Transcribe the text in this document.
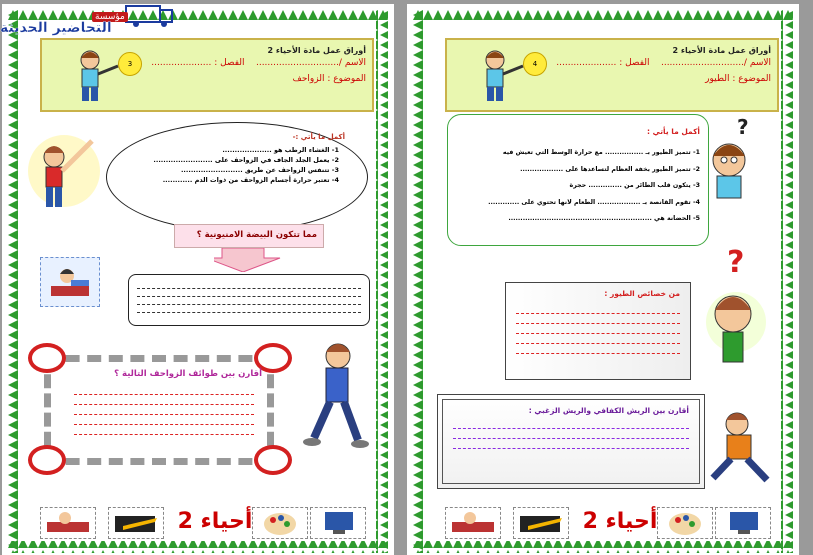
أوراق عمل مادة الأحياء 2
الاسم /.............................    الفصل : .....................
الموضوع : الزواحف
3
أكمل ما يأتي :-
1- الغشاء الرطب هو ....................
2- يعمل الجلد الجاف في الزواحف على ........................
3- تتنفس الزواحف عن طريق .........................
4- تعتبر حرارة أجسام الزواحف من ذوات الدم ............
مما تتكون البيضة الامنيونية ؟
أقارن بين طوائف الزواحف التالية ؟
أحياء 2
أوراق عمل مادة الأحياء 2
الاسم /.............................    الفصل : .....................
الموضوع : الطيور
4
أكمل ما يأتي :
1- تتميز الطيور بـ ................ مع حرارة الوسط التي تعيش فيه
2- تتميز الطيور بخفة العظام لتساعدها على ..................
3- يتكون قلب الطائر من .............. حجرة
4- تقوم القانصة بـ .................. الطعام لانها تحتوي على .............
5- الحضانة هي ............................................................
?
من خصائص الطيور :
?
أقارن بين الريش الكفافي والريش الزغبي :
أحياء 2
مؤسسة
التحاضير الحديثة
